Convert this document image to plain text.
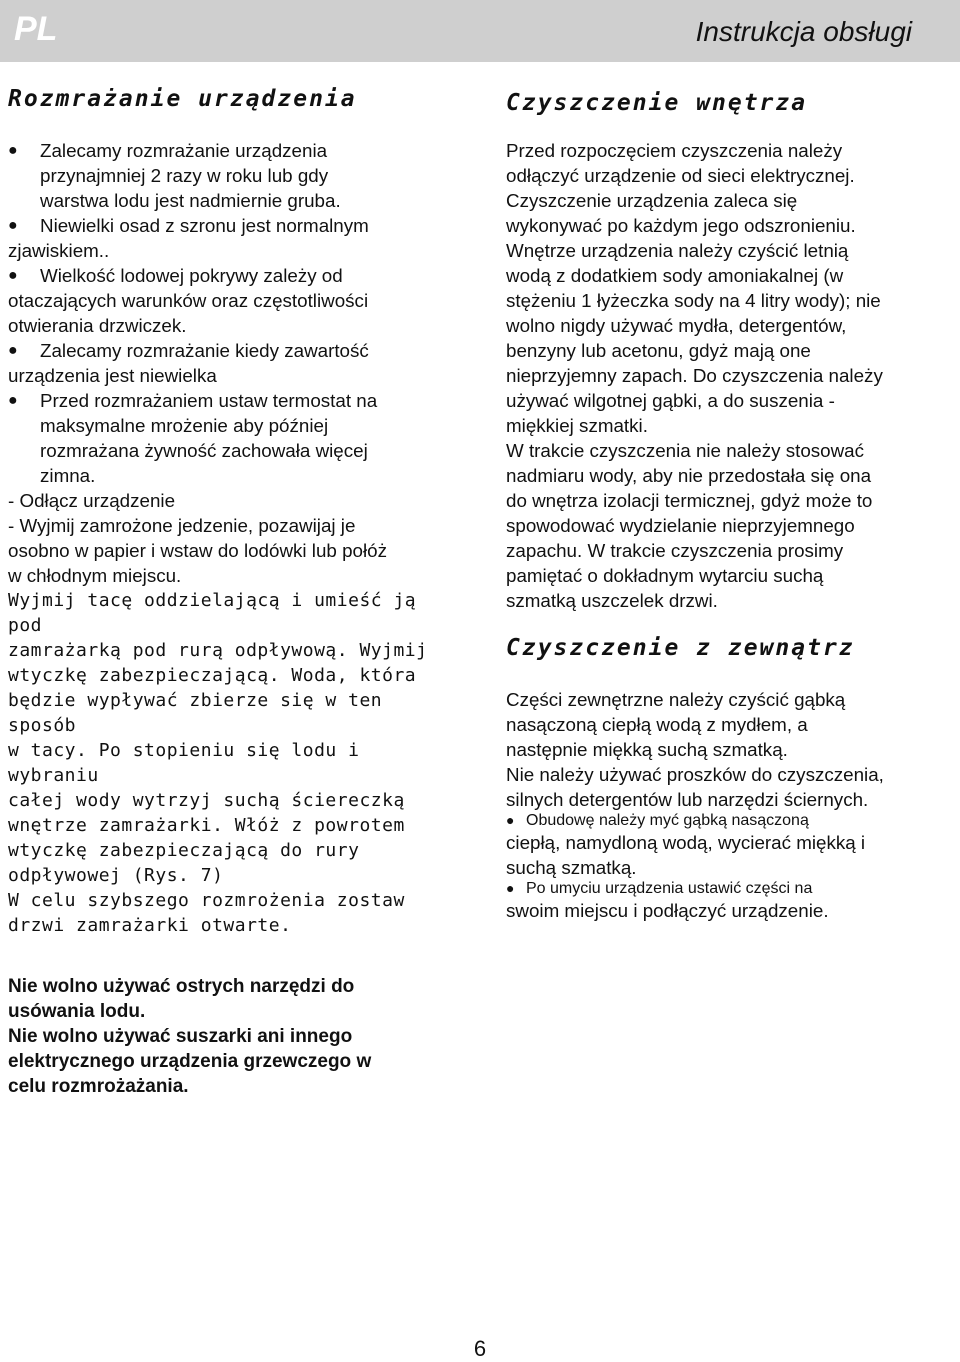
PL	Instrukcja obsługi
Rozmrażanie urządzenia
●	Zalecamy rozmrażanie urządzenia
przynajmniej 2 razy w roku lub gdy
warstwa lodu jest nadmiernie gruba.
●	Niewielki osad z szronu jest normalnym

zjawiskiem..

●	Wielkość lodowej pokrywy zależy od

otaczających warunków oraz częstotliwości

otwierania drzwiczek.

●	Zalecamy rozmrażanie kiedy zawartość

urządzenia jest niewielka

●	Przed rozmrażaniem ustaw termostat na
maksymalne mrożenie aby później
rozmrażana żywność zachowała więcej
zimna.

- Odłącz urządzenie

- Wyjmij zamrożone jedzenie, pozawijaj je

osobno w papier i wstaw do lodówki lub połóż

w chłodnym miejscu.

Wyjmij tacę oddzielającą i umieść ją pod

zamrażarką pod rurą odpływową. Wyjmij

wtyczkę zabezpieczającą. Woda, która

będzie wypływać zbierze się w ten sposób

w tacy. Po stopieniu się lodu i wybraniu

całej wody wytrzyj suchą ściereczką

wnętrze zamrażarki. Włóż z powrotem

wtyczkę zabezpieczającą do rury

odpływowej (Rys. 7)

W celu szybszego rozmrożenia zostaw

drzwi zamrażarki otwarte.

Nie wolno używać ostrych narzędzi do

usówania lodu.

Nie wolno używać suszarki ani innego

elektrycznego urządzenia grzewczego w

celu rozmrożażania.

Czyszczenie wnętrza

Przed rozpoczęciem czyszczenia należy

odłączyć urządzenie od sieci elektrycznej.

Czyszczenie urządzenia zaleca się

wykonywać po każdym jego odszronieniu.

Wnętrze urządzenia należy czyścić letnią

wodą z dodatkiem sody amoniakalnej (w

stężeniu 1 łyżeczka sody na 4 litry wody); nie

wolno nigdy używać mydła, detergentów,

benzyny lub acetonu, gdyż mają one

nieprzyjemny zapach. Do czyszczenia należy

używać wilgotnej gąbki, a do suszenia -

miękkiej szmatki.

W trakcie czyszczenia nie należy stosować

nadmiaru wody, aby nie przedostała się ona

do wnętrza izolacji termicznej, gdyż może to

spowodować wydzielanie nieprzyjemnego

zapachu. W trakcie czyszczenia prosimy

pamiętać o dokładnym wytarciu suchą

szmatką uszczelek drzwi.

Czyszczenie z zewnątrz

Części zewnętrzne należy czyścić gąbką

nasączoną ciepłą wodą z mydłem, a

następnie miękką suchą szmatką.

Nie należy używać proszków do czyszczenia,

silnych detergentów lub narzędzi ściernych.

● Obudowę należy myć gąbką nasączoną

ciepłą, namydloną wodą, wycierać miękką i

suchą szmatką.

● Po umyciu urządzenia ustawić części na

swoim miejscu i podłączyć urządzenie.

6
